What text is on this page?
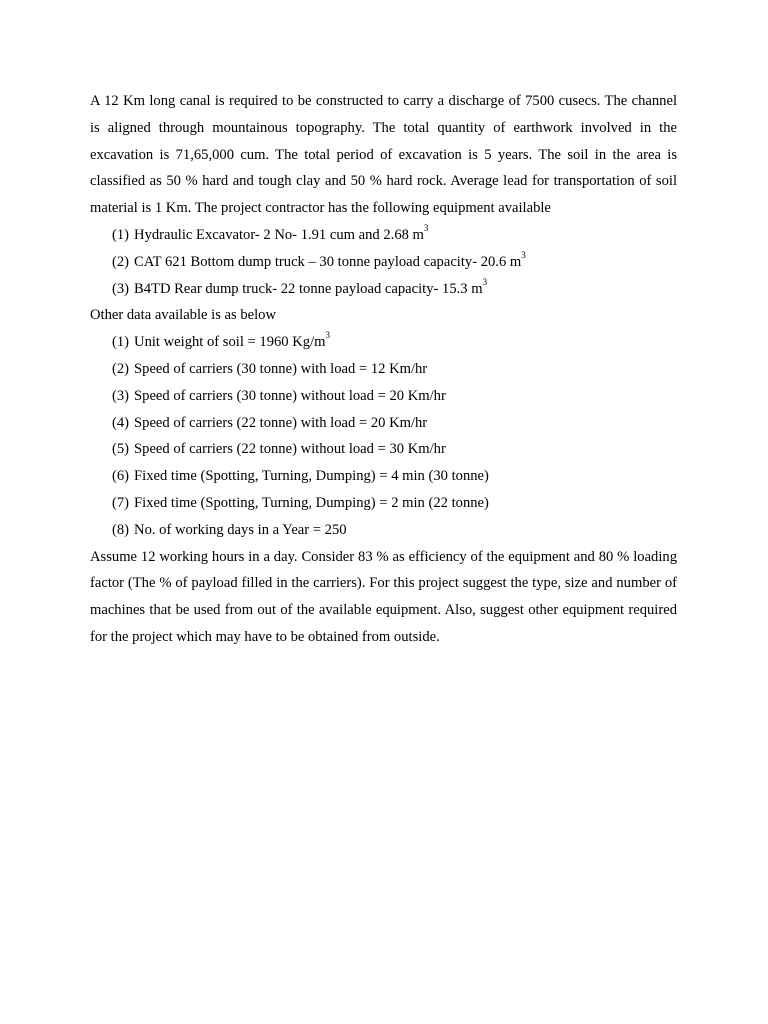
A 12 Km long canal is required to be constructed to carry a discharge of 7500 cusecs. The channel is aligned through mountainous topography. The total quantity of earthwork involved in the excavation is 71,65,000 cum. The total period of excavation is 5 years. The soil in the area is classified as 50 % hard and tough clay and 50 % hard rock. Average lead for transportation of soil material is 1 Km. The project contractor has the following equipment available

(1) Hydraulic Excavator- 2 No- 1.91 cum and 2.68 $m^3$
(2) CAT 621 Bottom dump truck – 30 tonne payload capacity- 20.6 $m^3$
(3) B4TD Rear dump truck- 22 tonne payload capacity- 15.3 $m^3$

Other data available is as below

(1) Unit weight of soil = 1960 $Kg/m^3$
(2) Speed of carriers (30 tonne) with load = 12 Km/hr
(3) Speed of carriers (30 tonne) without load = 20 Km/hr
(4) Speed of carriers (22 tonne) with load = 20 Km/hr
(5) Speed of carriers (22 tonne) without load = 30 Km/hr
(6) Fixed time (Spotting, Turning, Dumping) = 4 min (30 tonne)
(7) Fixed time (Spotting, Turning, Dumping) = 2 min (22 tonne)
(8) No. of working days in a Year = 250

Assume 12 working hours in a day. Consider 83 % as efficiency of the equipment and 80 % loading factor (The % of payload filled in the carriers). For this project suggest the type, size and number of machines that be used from out of the available equipment. Also, suggest other equipment required for the project which may have to be obtained from outside.
